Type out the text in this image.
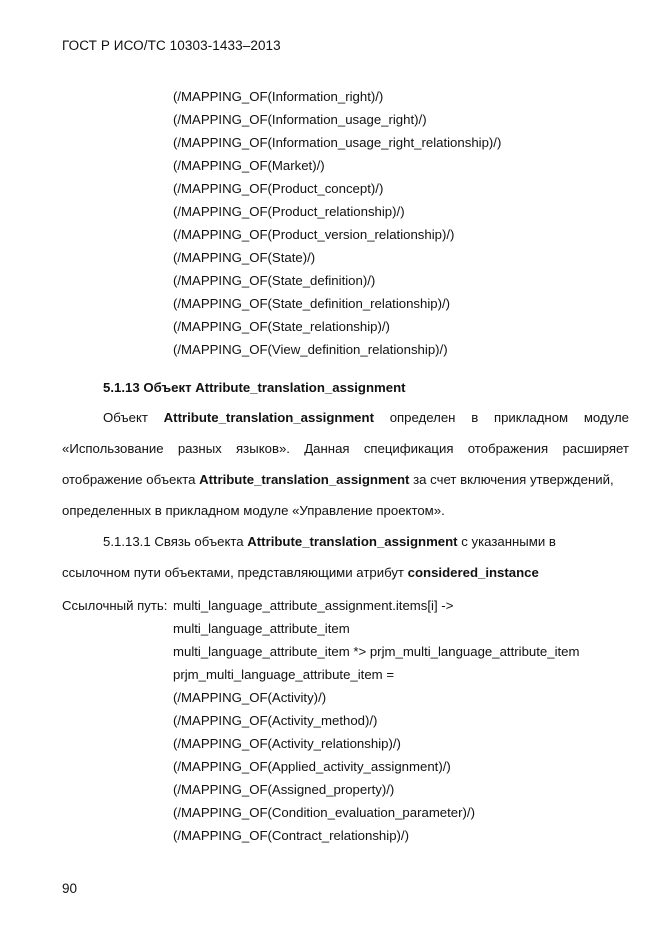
ГОСТ Р ИСО/ТС 10303-1433–2013
(/MAPPING_OF(Information_right)/)
(/MAPPING_OF(Information_usage_right)/)
(/MAPPING_OF(Information_usage_right_relationship)/)
(/MAPPING_OF(Market)/)
(/MAPPING_OF(Product_concept)/)
(/MAPPING_OF(Product_relationship)/)
(/MAPPING_OF(Product_version_relationship)/)
(/MAPPING_OF(State)/)
(/MAPPING_OF(State_definition)/)
(/MAPPING_OF(State_definition_relationship)/)
(/MAPPING_OF(State_relationship)/)
(/MAPPING_OF(View_definition_relationship)/)
5.1.13 Объект Attribute_translation_assignment
Объект Attribute_translation_assignment определен в прикладном модуле
«Использование разных языков». Данная спецификация отображения расширяет
отображение объекта Attribute_translation_assignment за счет включения утверждений,
определенных в прикладном модуле «Управление проектом».
5.1.13.1 Связь объекта Attribute_translation_assignment с указанными в
ссылочном пути объектами, представляющими атрибут considered_instance
Ссылочный путь: multi_language_attribute_assignment.items[i] ->
multi_language_attribute_item
multi_language_attribute_item *> prjm_multi_language_attribute_item
prjm_multi_language_attribute_item =
(/MAPPING_OF(Activity)/)
(/MAPPING_OF(Activity_method)/)
(/MAPPING_OF(Activity_relationship)/)
(/MAPPING_OF(Applied_activity_assignment)/)
(/MAPPING_OF(Assigned_property)/)
(/MAPPING_OF(Condition_evaluation_parameter)/)
(/MAPPING_OF(Contract_relationship)/)
90
